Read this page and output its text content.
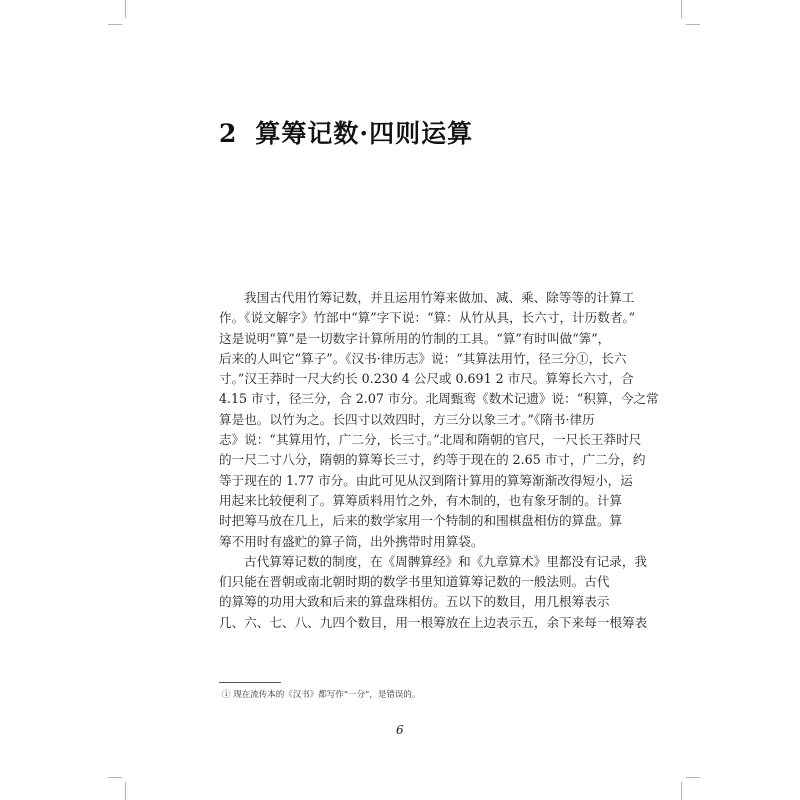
2 算筹记数·四则运算
我国古代用竹筹记数，并且运用竹筹来做加、减、乘、除等等的计算工
作。《说文解字》竹部中“算”字下说：“算：从竹从具，长六寸，计历数者。”
这是说明“算”是一切数字计算所用的竹制的工具。“算”有时叫做“筭”，
后来的人叫它“算子”。《汉书·律历志》说：“其算法用竹，径三分①，长六
寸。”汉王莽时一尺大约长 0.230 4 公尺或 0.691 2 市尺。算筹长六寸，合
4.15 市寸，径三分，合 2.07 市分。北周甄鸾《数术记遗》说：“积算，今之常
算是也。以竹为之。长四寸以效四时，方三分以象三才。”《隋书·律历
志》说：“其算用竹，广二分，长三寸。”北周和隋朝的官尺，一尺长王莽时尺
的一尺二寸八分，隋朝的算筹长三寸，约等于现在的 2.65 市寸，广二分，约
等于现在的 1.77 市分。由此可见从汉到隋计算用的算筹渐渐改得短小，运
用起来比较便利了。算筹质料用竹之外，有木制的，也有象牙制的。计算
时把筹马放在几上，后来的数学家用一个特制的和围棋盘相仿的算盘。算
筹不用时有盛贮的算子筒，出外携带时用算袋。
古代算筹记数的制度，在《周髀算经》和《九章算术》里都没有记录，我
们只能在晋朝或南北朝时期的数学书里知道算筹记数的一般法则。古代
的算筹的功用大致和后来的算盘珠相仿。五以下的数目，用几根筹表示
几、六、七、八、九四个数目，用一根筹放在上边表示五，余下来每一根筹表
① 现在流传本的《汉书》都写作“一分”，是错误的。
6
